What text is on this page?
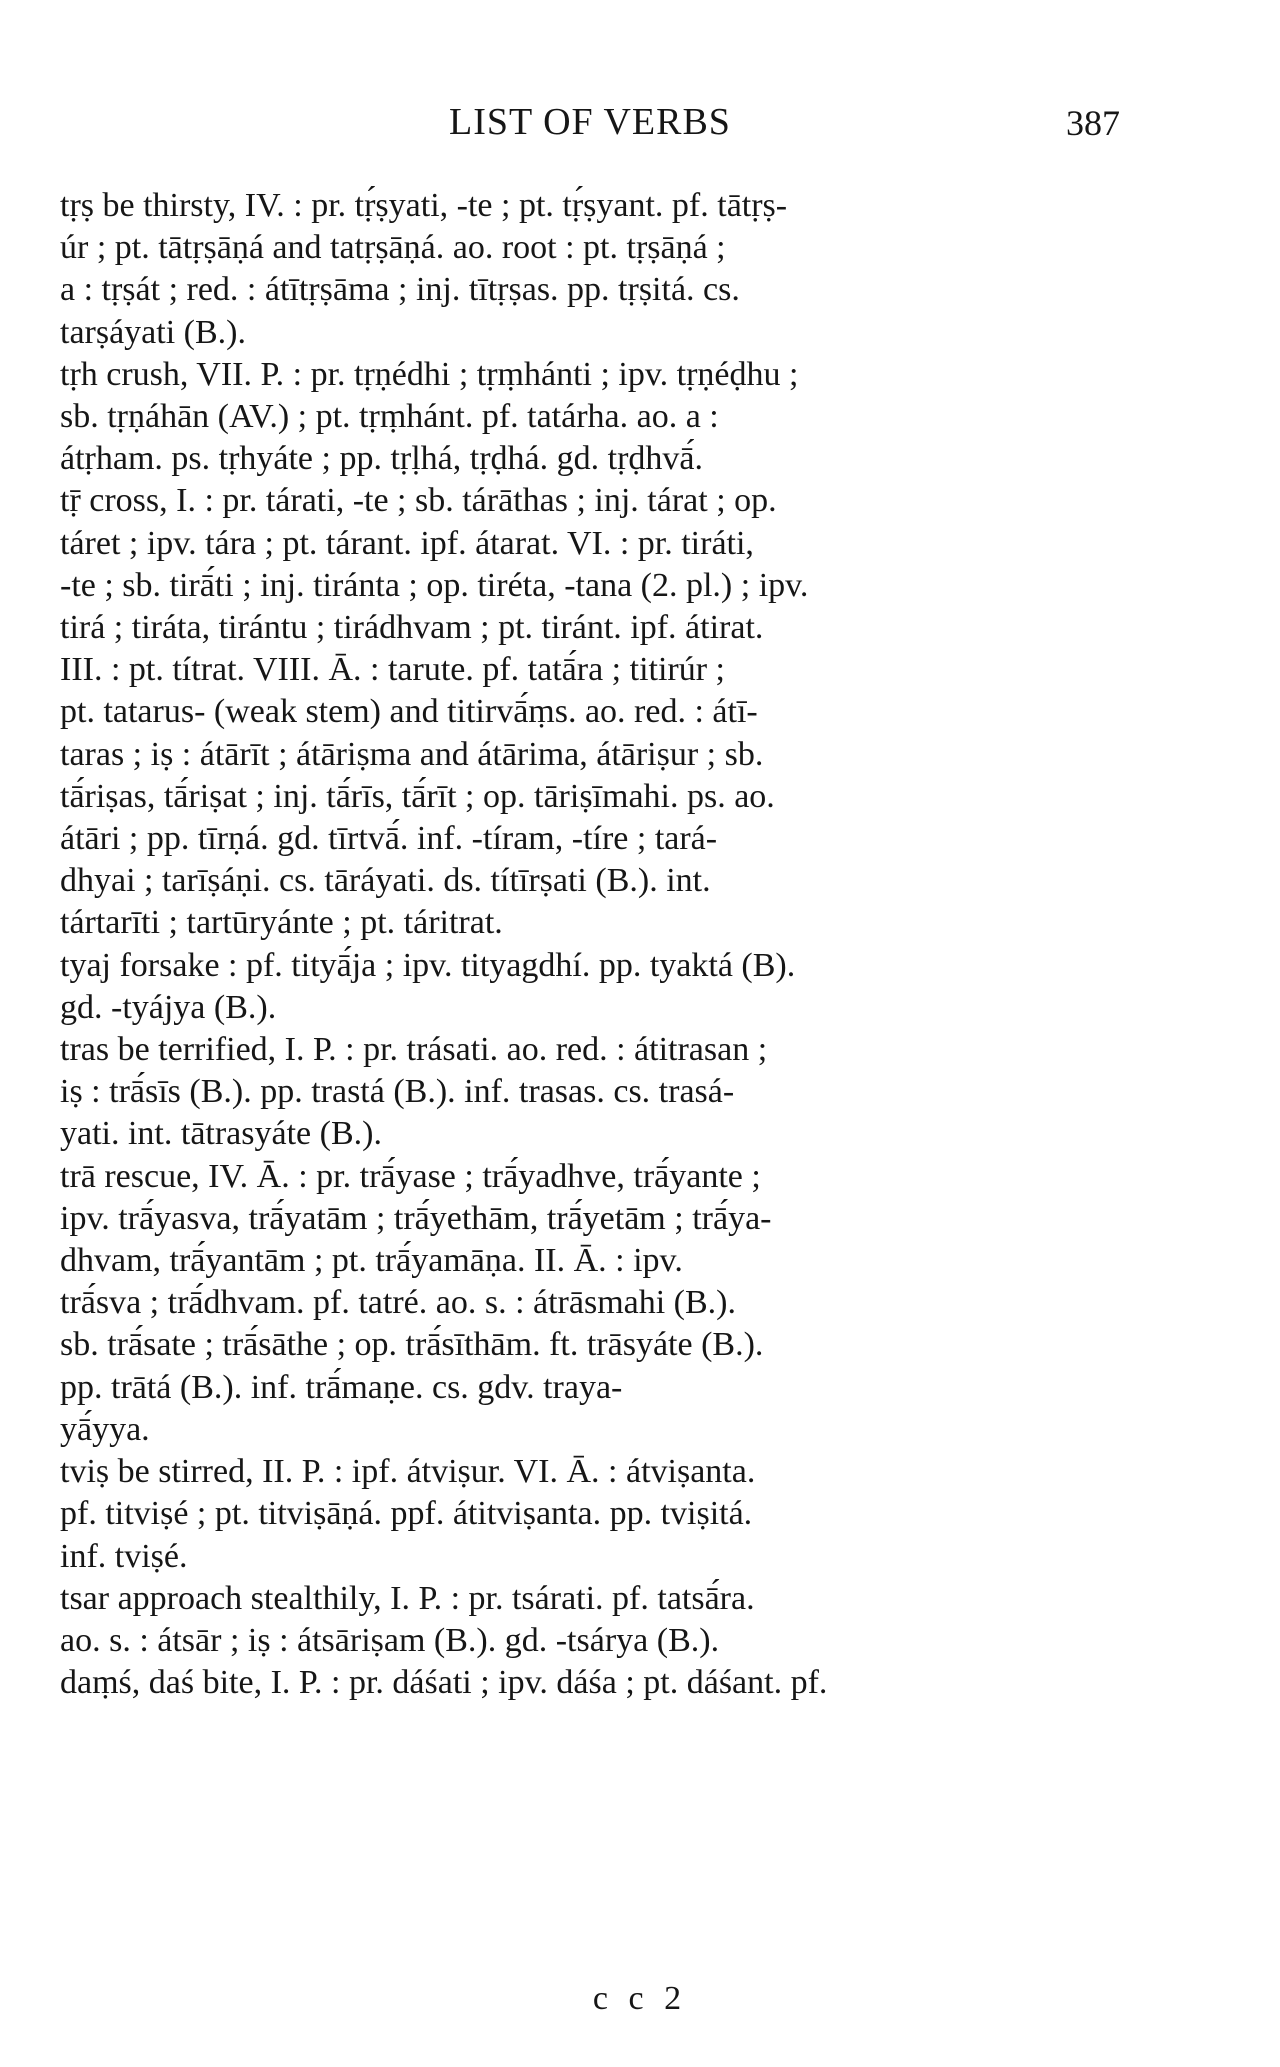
LIST OF VERBS	387
tṛṣ be thirsty, IV. : pr. tṛ́ṣyati, -te ; pt. tṛ́ṣyant. pf. tātṛṣ-
úr ; pt. tātṛṣāṇá and tatṛṣāṇá. ao. root : pt. tṛṣāṇá ;
a : tṛṣát ; red. : átītṛṣāma ; inj. tītṛṣas. pp. tṛṣitá. cs.
tarṣáyati (B.).
tṛh crush, VII. P. : pr. tṛṇédhi ; tṛṃhánti ; ipv. tṛṇéḍhu ;
sb. tṛṇáhān (AV.) ; pt. tṛṃhánt. pf. tatárha. ao. a :
átṛham. ps. tṛhyáte ; pp. tṛḷhá, tṛḍhá. gd. tṛḍhvā́.
tṝ cross, I. : pr. tárati, -te ; sb. tárāthas ; inj. tárat ; op.
táret ; ipv. tára ; pt. tárant. ipf. átarat. VI. : pr. tiráti,
-te ; sb. tirā́ti ; inj. tiránta ; op. tiréta, -tana (2. pl.) ; ipv.
tirá ; tiráta, tirántu ; tirádhvam ; pt. tiránt. ipf. átirat.
III. : pt. títrat. VIII. Ā. : tarute. pf. tatā́ra ; titirúr ;
pt. tatarus- (weak stem) and titirvā́ṃs. ao. red. : átī-
taras ; iṣ : átārīt ; átāriṣma and átārima, átāriṣur ; sb.
tā́riṣas, tā́riṣat ; inj. tā́rīs, tā́rīt ; op. tāriṣīmahi. ps. ao.
átāri ; pp. tīrṇá. gd. tīrtvā́. inf. -tíram, -tíre ; tará-
dhyai ; tarīṣáṇi. cs. tāráyati. ds. títīrṣati (B.). int.
tártarīti ; tartūryánte ; pt. táritrat.
tyaj forsake : pf. tityā́ja ; ipv. tityagdhí. pp. tyaktá (B).
gd. -tyájya (B.).
tras be terrified, I. P. : pr. trásati. ao. red. : átitrasan ;
iṣ : trā́sīs (B.). pp. trastá (B.). inf. trasas. cs. trasá-
yati. int. tātrasyáte (B.).
trā rescue, IV. Ā. : pr. trā́yase ; trā́yadhve, trā́yante ;
ipv. trā́yasva, trā́yatām ; trā́yethām, trā́yetām ; trā́ya-
dhvam, trā́yantām ; pt. trā́yamāṇa. II. Ā. : ipv.
trā́sva ; trā́dhvam. pf. tatré. ao. s. : átrāsmahi (B.).
sb. trā́sate ; trā́sāthe ; op. trā́sīthām. ft. trāsyáte (B.).
pp. trātá (B.). inf. trā́maṇe. cs. gdv. traya-
yā́yya.
tviṣ be stirred, II. P. : ipf. átviṣur. VI. Ā. : átviṣanta.
pf. titviṣé ; pt. titviṣāṇá. ppf. átitviṣanta. pp. tviṣitá.
inf. tviṣé.
tsar approach stealthily, I. P. : pr. tsárati. pf. tatsā́ra.
ao. s. : átsār ; iṣ : átsāriṣam (B.). gd. -tsárya (B.).
daṃś, daś bite, I. P. : pr. dáśati ; ipv. dáśa ; pt. dáśant. pf.
c c 2
